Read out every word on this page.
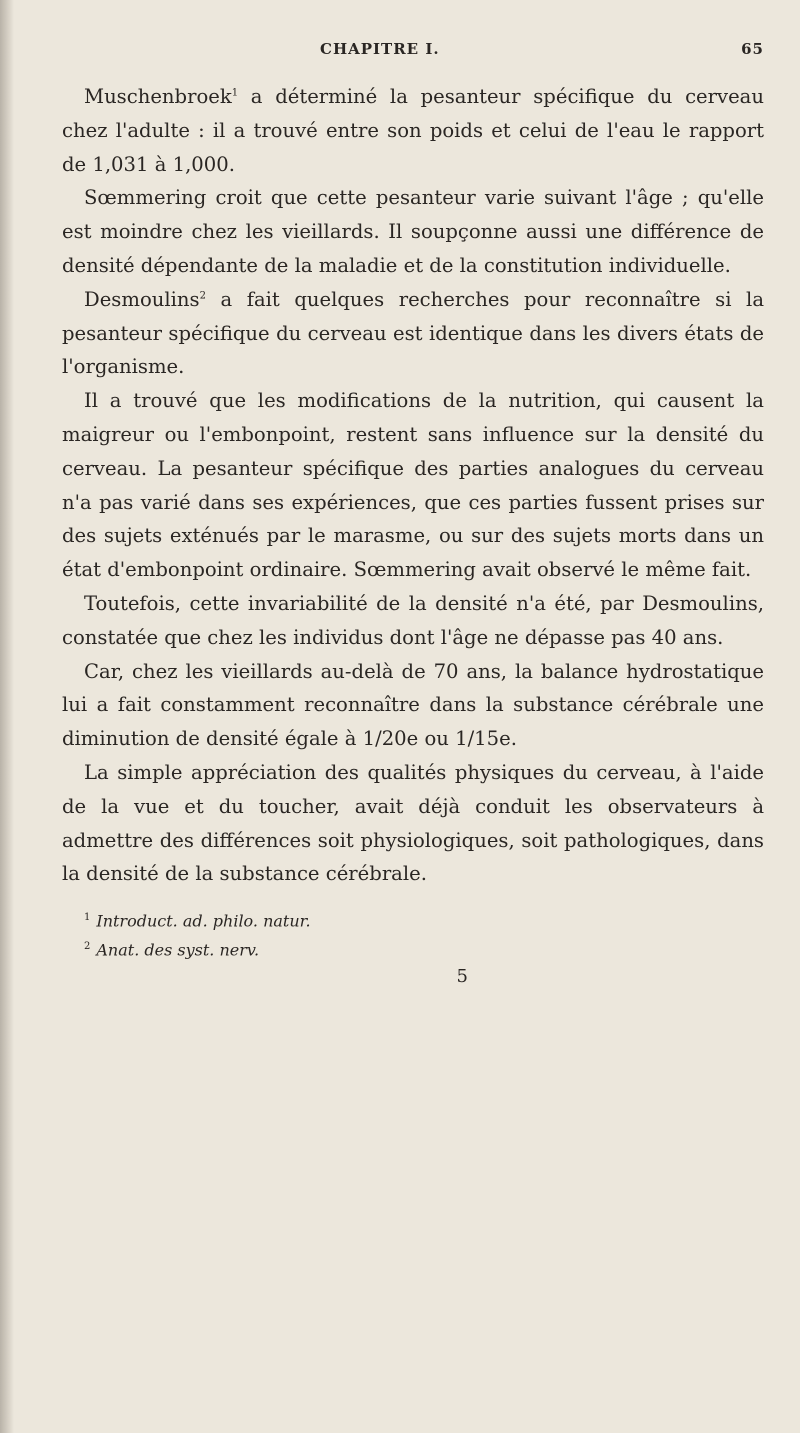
CHAPITRE I.	65

Muschenbroek$^1$ a déterminé la pesanteur spécifique du cerveau chez l'adulte : il a trouvé entre son poids et celui de l'eau le rapport de 1,031 à 1,000.

Sœmmering croit que cette pesanteur varie suivant l'âge ; qu'elle est moindre chez les vieillards. Il soupçonne aussi une différence de densité dépendante de la maladie et de la constitution individuelle.

Desmoulins$^2$ a fait quelques recherches pour reconnaître si la pesanteur spécifique du cerveau est identique dans les divers états de l'organisme.

Il a trouvé que les modifications de la nutrition, qui causent la maigreur ou l'embonpoint, restent sans influence sur la densité du cerveau. La pesanteur spécifique des parties analogues du cerveau n'a pas varié dans ses expériences, que ces parties fussent prises sur des sujets exténués par le marasme, ou sur des sujets morts dans un état d'embonpoint ordinaire. Sœmmering avait observé le même fait.

Toutefois, cette invariabilité de la densité n'a été, par Desmoulins, constatée que chez les individus dont l'âge ne dépasse pas 40 ans.

Car, chez les vieillards au-delà de 70 ans, la balance hydrostatique lui a fait constamment reconnaître dans la substance cérébrale une diminution de densité égale à 1/20e ou 1/15e.

La simple appréciation des qualités physiques du cerveau, à l'aide de la vue et du toucher, avait déjà conduit les observateurs à admettre des différences soit physiologiques, soit pathologiques, dans la densité de la substance cérébrale.

$^1$ Introduct. ad. philo. natur.

$^2$ Anat. des syst. nerv.

5
